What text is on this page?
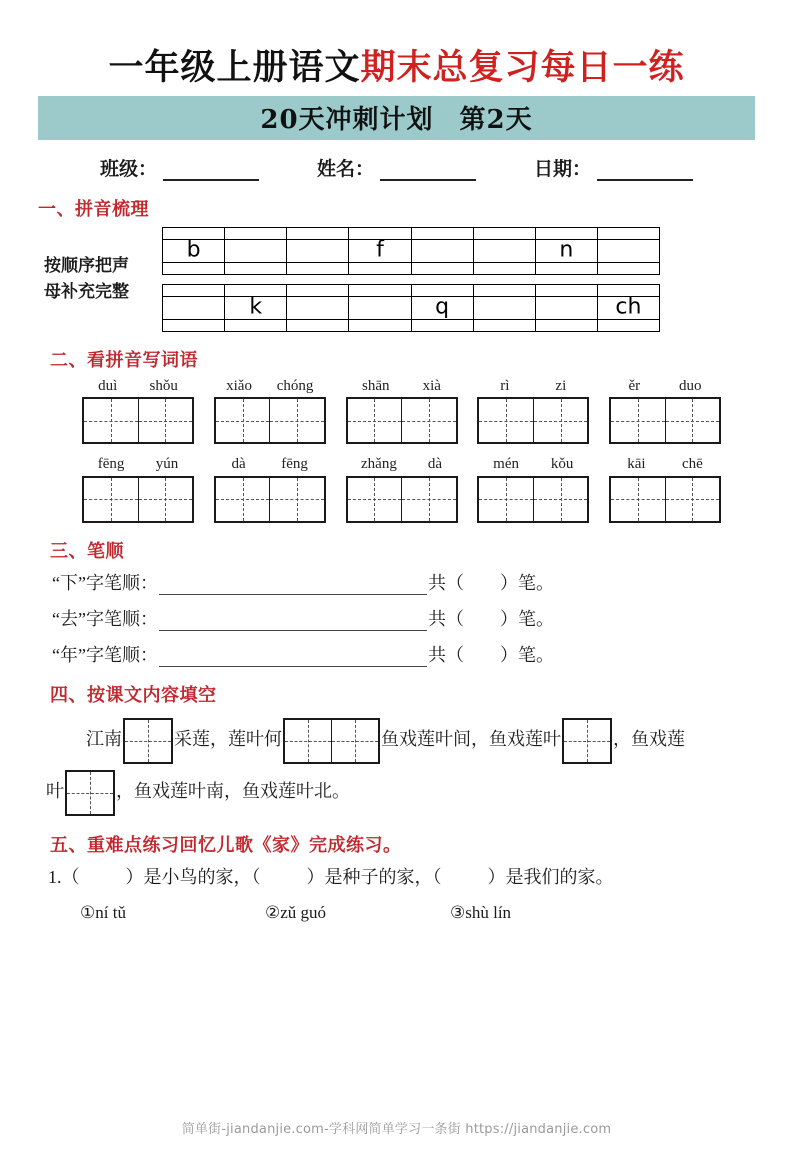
一年级上册语文期末总复习每日一练
20天冲刺计划 第2天
班级：	姓名：	日期：
一、拼音梳理
按顺序把声
母补充完整

b			f			n	

	k			q			ch

二、看拼音写词语
duì shǒu	xiǎo chóng	shān xià	rì	zi	ěr	duo
fēng yún	dà fēng	zhǎng dà	mén kǒu	kāi chē
三、笔顺
“下”字笔顺：	共（　　）笔。
“去”字笔顺：	共（　　）笔。
“年”字笔顺：	共（　　）笔。
四、按课文内容填空
江南	采莲，莲叶何	鱼戏莲叶间，鱼戏莲叶	，鱼戏莲
叶	，鱼戏莲叶南，鱼戏莲叶北。
五、重难点练习回忆儿歌《家》完成练习。
1.（	）是小鸟的家，（	）是种子的家，（	）是我们的家。
①ní tǔ	②zǔ guó	③shù lín
简单街-jiandanjie.com-学科网简单学习一条街 https://jiandanjie.com
